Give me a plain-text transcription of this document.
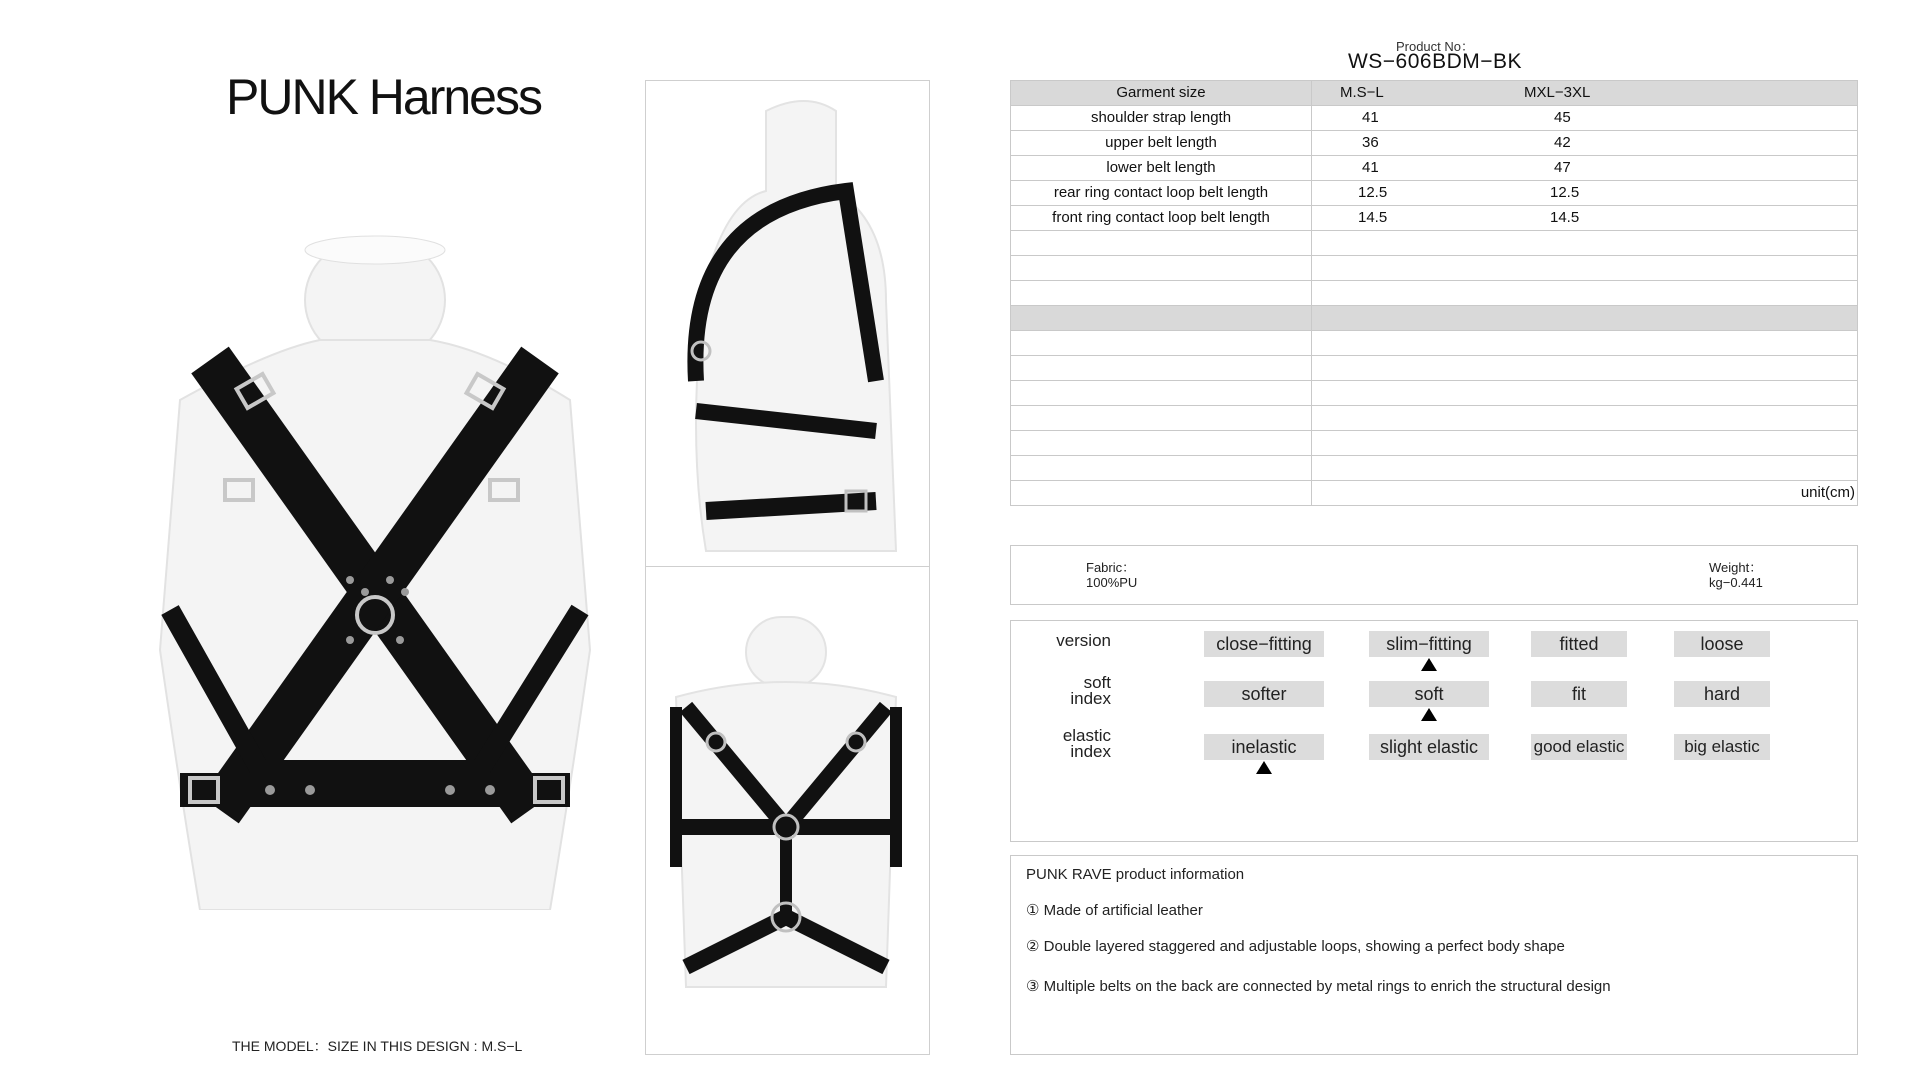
PUNK Harness
THE MODEL：SIZE IN THIS DESIGN : M.S−L
Product No：
WS−606BDM−BK
Garment size	M.S−L MXL−3XL

shoulder strap length	41 45

upper belt length	36 42

lower belt length	41 47

rear ring contact loop belt length	12.5 12.5

front ring contact loop belt length	14.5 14.5

	unit(cm)
Fabric：
100%PU
Weight：
kg−0.441
version	close−fitting	slim−fitting	fitted	loose
soft
index	softer	soft	fit	hard
elastic
index	inelastic	slight elastic	good elastic	big elastic
PUNK RAVE product information
① Made of artificial leather
② Double layered staggered and adjustable loops, showing a perfect body shape
③ Multiple belts on the back are connected by metal rings to enrich the structural design
